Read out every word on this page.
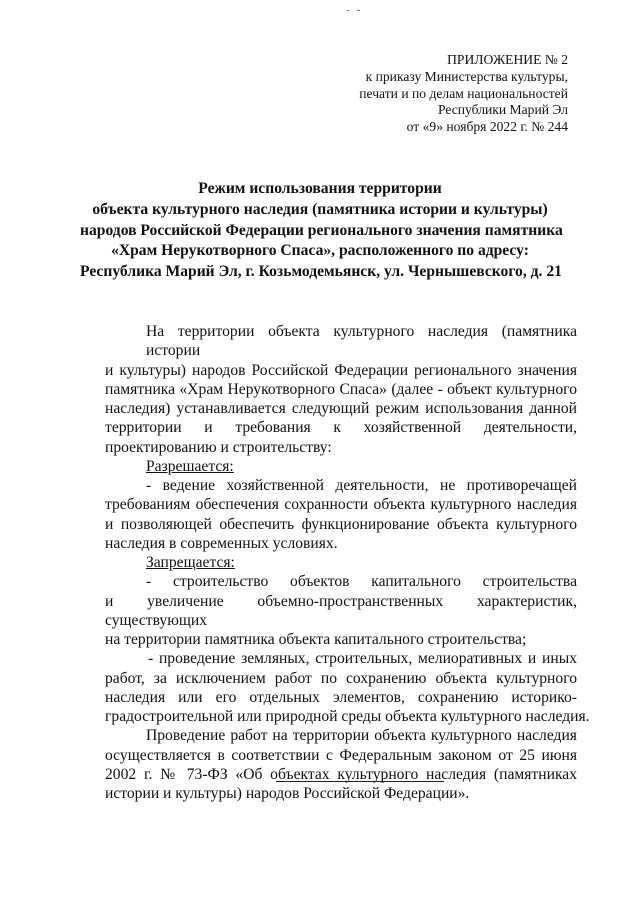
ПРИЛОЖЕНИЕ № 2
к приказу Министерства культуры,
печати и по делам национальностей
Республики Марий Эл
от «9» ноября 2022 г. № 244
Режим использования территории
объекта культурного наследия (памятника истории и культуры)
народов Российской Федерации регионального значения памятника
«Храм Нерукотворного Спаса», расположенного по адресу:
Республика Марий Эл, г. Козьмодемьянск, ул. Чернышевского, д. 21
На территории объекта культурного наследия (памятника истории
и культуры) народов Российской Федерации регионального значения
памятника «Храм Нерукотворного Спаса» (далее - объект культурного
наследия) устанавливается следующий режим использования данной
территории и требования к хозяйственной деятельности,
проектированию и строительству:
Разрешается:
- ведение хозяйственной деятельности, не противоречащей
требованиям обеспечения сохранности объекта культурного наследия
и позволяющей обеспечить функционирование объекта культурного
наследия в современных условиях.
Запрещается:
- строительство объектов капитального строительства
и увеличение объемно-пространственных характеристик, существующих
на территории памятника объекта капитального строительства;
- проведение земляных, строительных, мелиоративных и иных
работ, за исключением работ по сохранению объекта культурного
наследия или его отдельных элементов, сохранению историко-
градостроительной или природной среды объекта культурного наследия.
Проведение работ на территории объекта культурного наследия
осуществляется в соответствии с Федеральным законом от 25 июня
2002 г. № 73-ФЗ «Об объектах культурного наследия (памятниках
истории и культуры) народов Российской Федерации».
